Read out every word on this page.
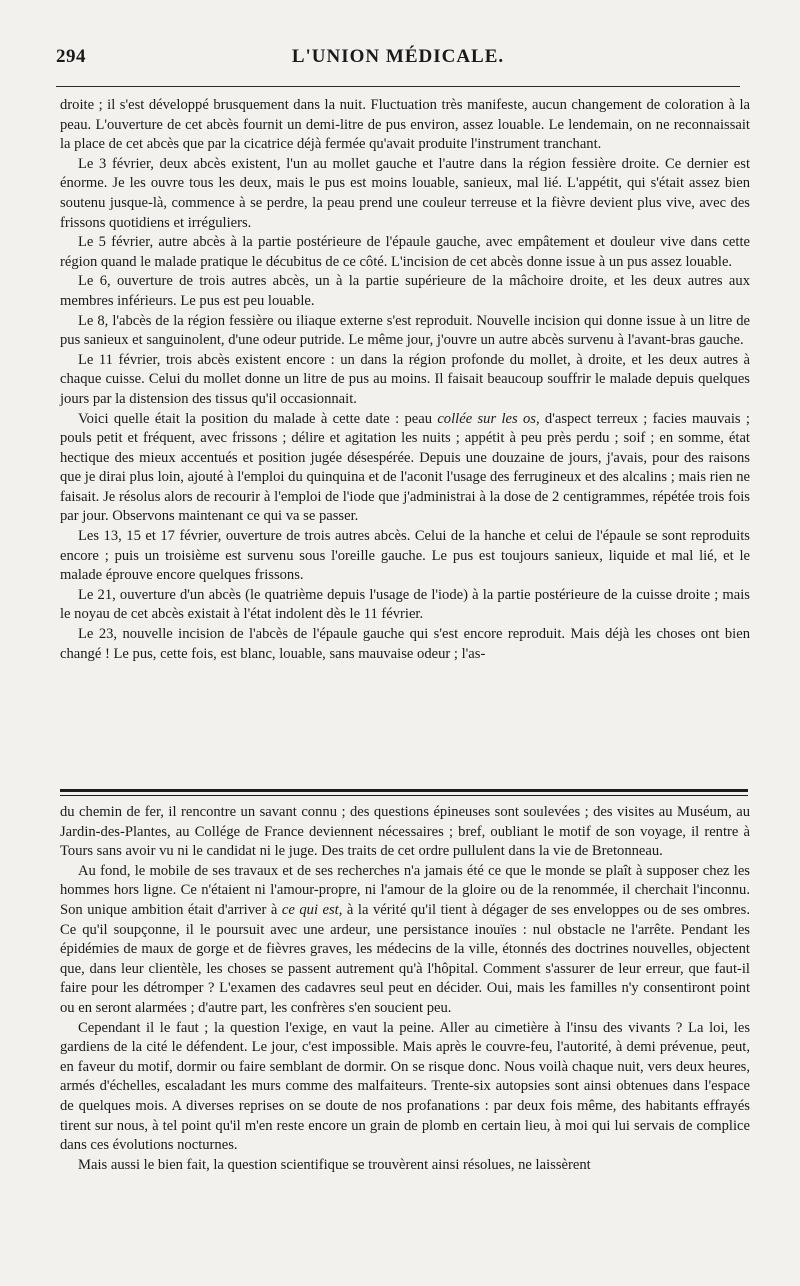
294	L'UNION MÉDICALE.

droite ; il s'est développé brusquement dans la nuit. Fluctuation très manifeste, aucun changement de coloration à la peau. L'ouverture de cet abcès fournit un demi-litre de pus environ, assez louable. Le lendemain, on ne reconnaissait la place de cet abcès que par la cicatrice déjà fermée qu'avait produite l'instrument tranchant.

Le 3 février, deux abcès existent, l'un au mollet gauche et l'autre dans la région fessière droite. Ce dernier est énorme. Je les ouvre tous les deux, mais le pus est moins louable, sanieux, mal lié. L'appétit, qui s'était assez bien soutenu jusque-là, commence à se perdre, la peau prend une couleur terreuse et la fièvre devient plus vive, avec des frissons quotidiens et irréguliers.

Le 5 février, autre abcès à la partie postérieure de l'épaule gauche, avec empâtement et douleur vive dans cette région quand le malade pratique le décubitus de ce côté. L'incision de cet abcès donne issue à un pus assez louable.

Le 6, ouverture de trois autres abcès, un à la partie supérieure de la mâchoire droite, et les deux autres aux membres inférieurs. Le pus est peu louable.

Le 8, l'abcès de la région fessière ou iliaque externe s'est reproduit. Nouvelle incision qui donne issue à un litre de pus sanieux et sanguinolent, d'une odeur putride. Le même jour, j'ouvre un autre abcès survenu à l'avant-bras gauche.

Le 11 février, trois abcès existent encore : un dans la région profonde du mollet, à droite, et les deux autres à chaque cuisse. Celui du mollet donne un litre de pus au moins. Il faisait beaucoup souffrir le malade depuis quelques jours par la distension des tissus qu'il occasionnait.

Voici quelle était la position du malade à cette date : peau collée sur les os, d'aspect terreux ; facies mauvais ; pouls petit et fréquent, avec frissons ; délire et agitation les nuits ; appétit à peu près perdu ; soif ; en somme, état hectique des mieux accentués et position jugée désespérée. Depuis une douzaine de jours, j'avais, pour des raisons que je dirai plus loin, ajouté à l'emploi du quinquina et de l'aconit l'usage des ferrugineux et des alcalins ; mais rien ne faisait. Je résolus alors de recourir à l'emploi de l'iode que j'administrai à la dose de 2 centigrammes, répétée trois fois par jour. Observons maintenant ce qui va se passer.

Les 13, 15 et 17 février, ouverture de trois autres abcès. Celui de la hanche et celui de l'épaule se sont reproduits encore ; puis un troisième est survenu sous l'oreille gauche. Le pus est toujours sanieux, liquide et mal lié, et le malade éprouve encore quelques frissons.

Le 21, ouverture d'un abcès (le quatrième depuis l'usage de l'iode) à la partie postérieure de la cuisse droite ; mais le noyau de cet abcès existait à l'état indolent dès le 11 février.

Le 23, nouvelle incision de l'abcès de l'épaule gauche qui s'est encore reproduit. Mais déjà les choses ont bien changé ! Le pus, cette fois, est blanc, louable, sans mauvaise odeur ; l'as-

du chemin de fer, il rencontre un savant connu ; des questions épineuses sont soulevées ; des visites au Muséum, au Jardin-des-Plantes, au Collége de France deviennent nécessaires ; bref, oubliant le motif de son voyage, il rentre à Tours sans avoir vu ni le candidat ni le juge. Des traits de cet ordre pullulent dans la vie de Bretonneau.

Au fond, le mobile de ses travaux et de ses recherches n'a jamais été ce que le monde se plaît à supposer chez les hommes hors ligne. Ce n'étaient ni l'amour-propre, ni l'amour de la gloire ou de la renommée, il cherchait l'inconnu. Son unique ambition était d'arriver à ce qui est, à la vérité qu'il tient à dégager de ses enveloppes ou de ses ombres. Ce qu'il soupçonne, il le poursuit avec une ardeur, une persistance inouïes : nul obstacle ne l'arrête. Pendant les épidémies de maux de gorge et de fièvres graves, les médecins de la ville, étonnés des doctrines nouvelles, objectent que, dans leur clientèle, les choses se passent autrement qu'à l'hôpital. Comment s'assurer de leur erreur, que faut-il faire pour les détromper ? L'examen des cadavres seul peut en décider. Oui, mais les familles n'y consentiront point ou en seront alarmées ; d'autre part, les confrères s'en soucient peu.

Cependant il le faut ; la question l'exige, en vaut la peine. Aller au cimetière à l'insu des vivants ? La loi, les gardiens de la cité le défendent. Le jour, c'est impossible. Mais après le couvre-feu, l'autorité, à demi prévenue, peut, en faveur du motif, dormir ou faire semblant de dormir. On se risque donc. Nous voilà chaque nuit, vers deux heures, armés d'échelles, escaladant les murs comme des malfaiteurs. Trente-six autopsies sont ainsi obtenues dans l'espace de quelques mois. A diverses reprises on se doute de nos profanations : par deux fois même, des habitants effrayés tirent sur nous, à tel point qu'il m'en reste encore un grain de plomb en certain lieu, à moi qui lui servais de complice dans ces évolutions nocturnes.

Mais aussi le bien fait, la question scientifique se trouvèrent ainsi résolues, ne laissèrent
